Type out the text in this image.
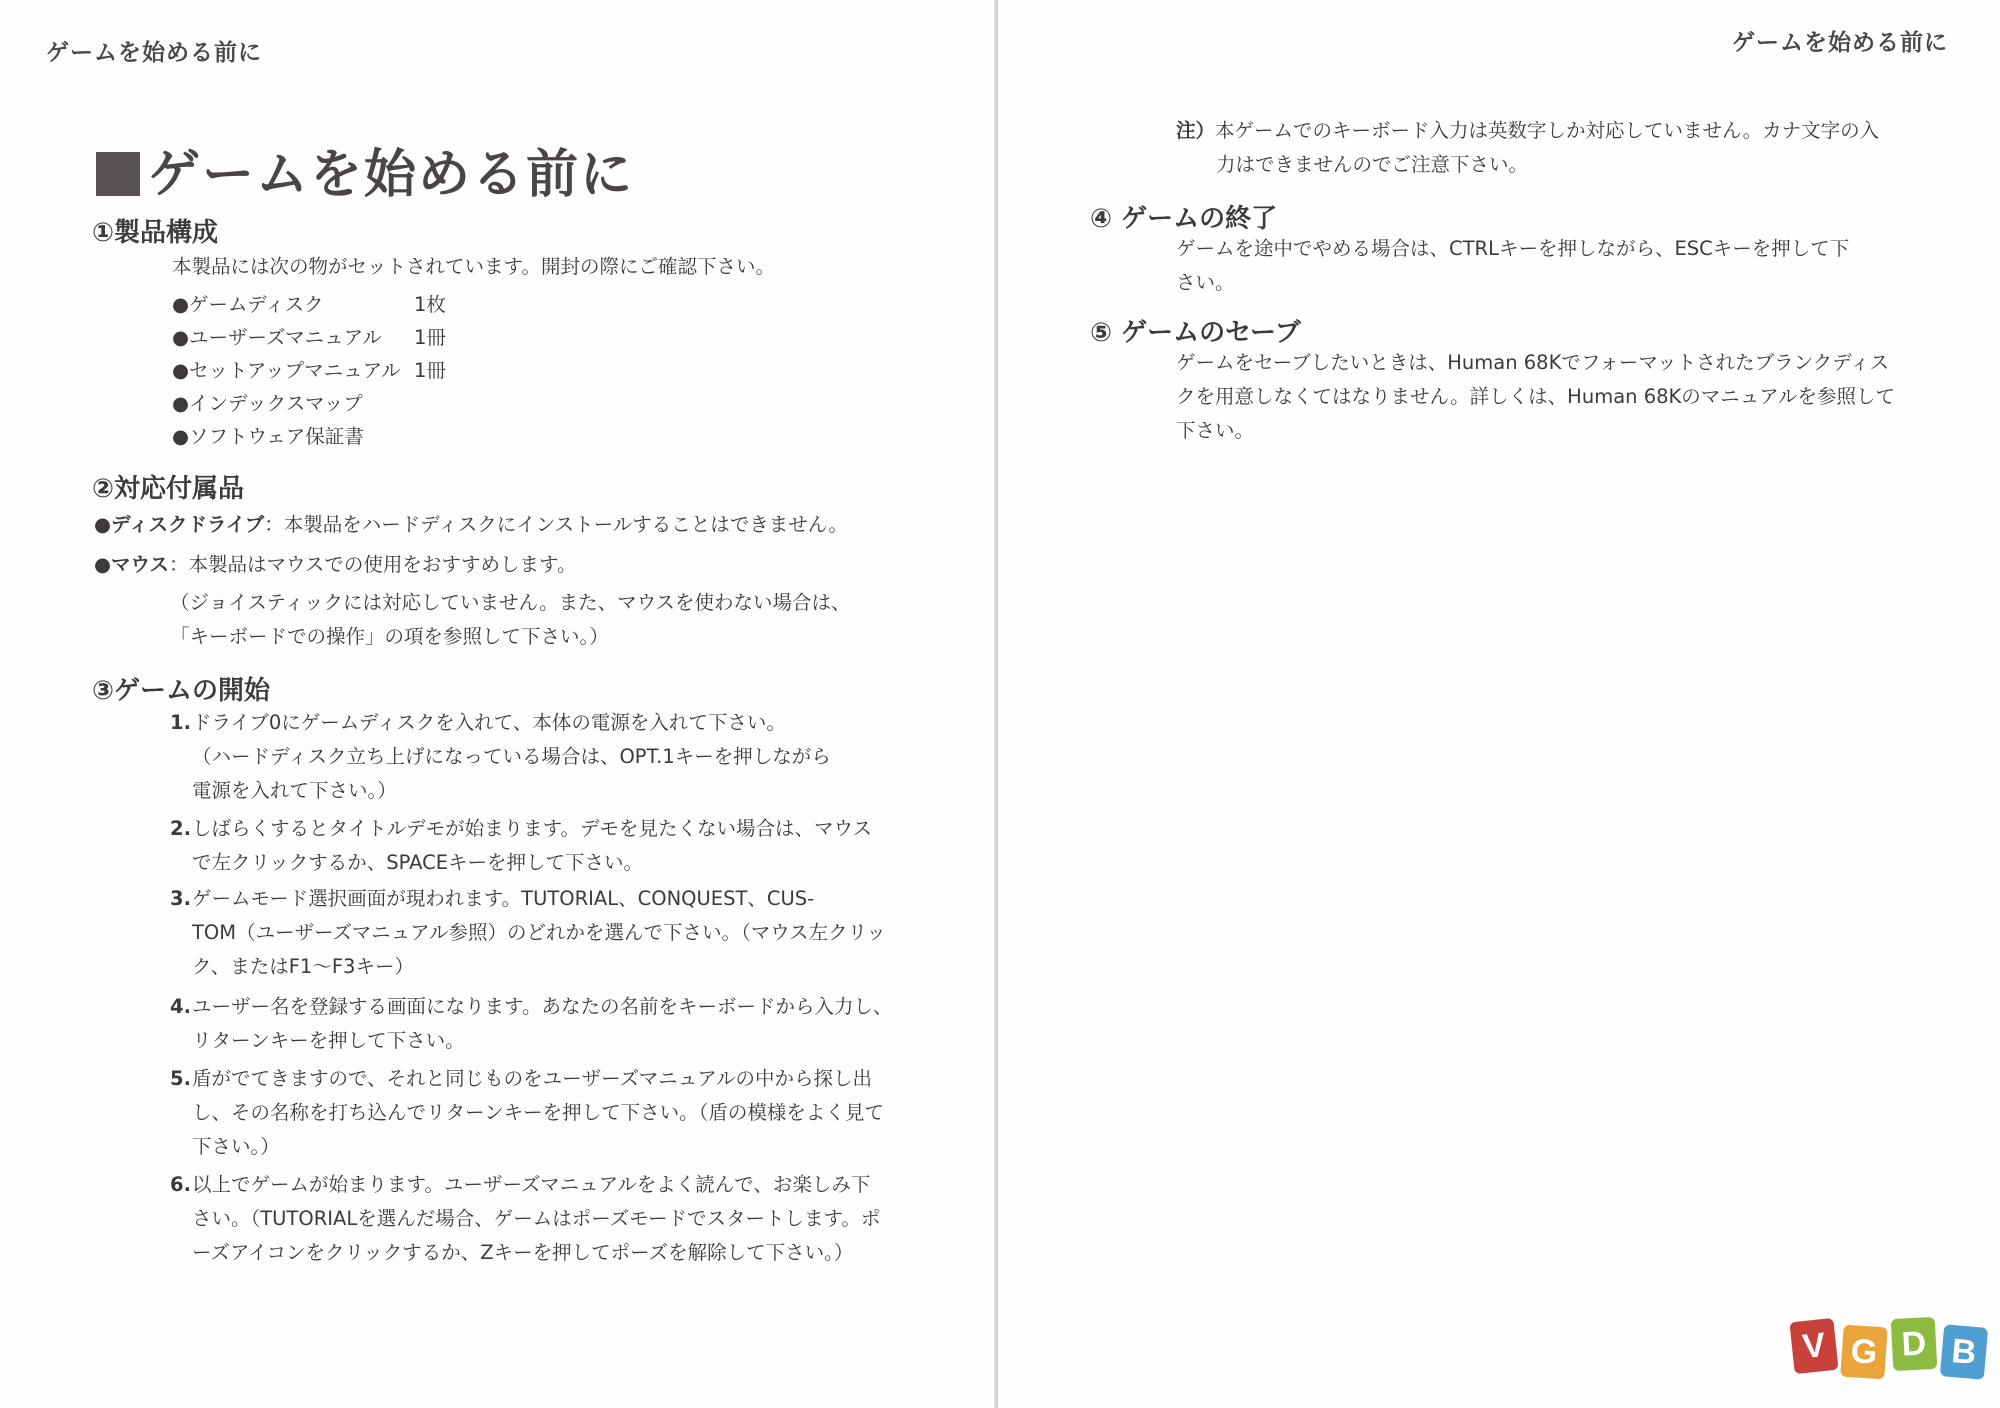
ゲームを始める前に
ゲームを始める前に
①製品構成

本製品には次の物がセットされています。開封の際にご確認下さい。

●ゲームディスク	1枚
●ユーザーズマニュアル 1冊
●セットアップマニュアル 1冊
●インデックスマップ
●ソフトウェア保証書
②対応付属品

●ディスクドライブ：本製品をハードディスクにインストールすることはできません。

●マウス：本製品はマウスでの使用をおすすめします。

（ジョイスティックには対応していません。また、マウスを使わない場合は、

「キーボードでの操作」の項を参照して下さい。）

③ゲームの開始
1.ドライブ0にゲームディスクを入れて、本体の電源を入れて下さい。
（ハードディスク立ち上げになっている場合は、OPT.1キーを押しながら
電源を入れて下さい。）
2.しばらくするとタイトルデモが始まります。デモを見たくない場合は、マウス
で左クリックするか、SPACEキーを押して下さい。
3.ゲームモード選択画面が現われます。TUTORIAL、CONQUEST、CUS-
TOM（ユーザーズマニュアル参照）のどれかを選んで下さい。（マウス左クリッ
ク、またはF1～F3キー）
4.ユーザー名を登録する画面になります。あなたの名前をキーボードから入力し、
リターンキーを押して下さい。
5.盾がでてきますので、それと同じものをユーザーズマニュアルの中から探し出
し、その名称を打ち込んでリターンキーを押して下さい。（盾の模様をよく見て
下さい。）
6.以上でゲームが始まります。ユーザーズマニュアルをよく読んで、お楽しみ下
さい。（TUTORIALを選んだ場合、ゲームはポーズモードでスタートします。ポ
ーズアイコンをクリックするか、Zキーを押してポーズを解除して下さい。）
ゲームを始める前に

注）本ゲームでのキーボード入力は英数字しか対応していません。カナ文字の入
力はできませんのでご注意下さい。

④ ゲームの終了

ゲームを途中でやめる場合は、CTRLキーを押しながら、ESCキーを押して下

さい。

⑤ ゲームのセーブ

ゲームをセーブしたいときは、Human 68Kでフォーマットされたブランクディス

クを用意しなくてはなりません。詳しくは、Human 68Kのマニュアルを参照して

下さい。

V G D B
